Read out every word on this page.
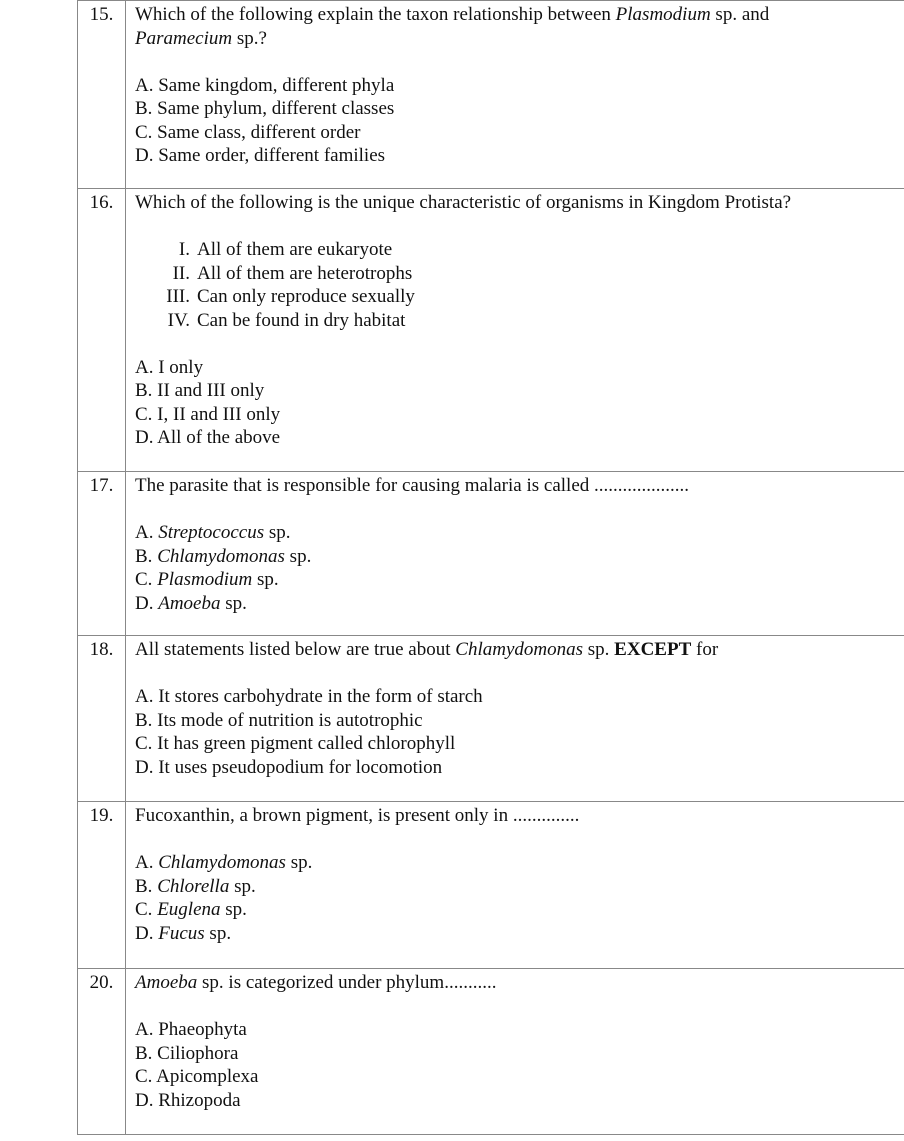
15.	Which of the following explain the taxon relationship between Plasmodium sp. and
Paramecium sp.?

A. Same kingdom, different phyla

B. Same phylum, different classes

C. Same class, different order

D. Same order, different families

16.	Which of the following is the unique characteristic of organisms in Kingdom Protista?

I. All of them are eukaryote
II. All of them are heterotrophs
III. Can only reproduce sexually
IV. Can be found in dry habitat

A. I only

B. II and III only

C. I, II and III only

D. All of the above

17.	The parasite that is responsible for causing malaria is called ....................

A. Streptococcus sp.

B. Chlamydomonas sp.

C. Plasmodium sp.

D. Amoeba sp.

18.	All statements listed below are true about Chlamydomonas sp. EXCEPT for

A. It stores carbohydrate in the form of starch

B. Its mode of nutrition is autotrophic

C. It has green pigment called chlorophyll

D. It uses pseudopodium for locomotion

19.	Fucoxanthin, a brown pigment, is present only in ..............

A. Chlamydomonas sp.

B. Chlorella sp.

C. Euglena sp.

D. Fucus sp.

20.	Amoeba sp. is categorized under phylum...........

A. Phaeophyta

B. Ciliophora

C. Apicomplexa

D. Rhizopoda
